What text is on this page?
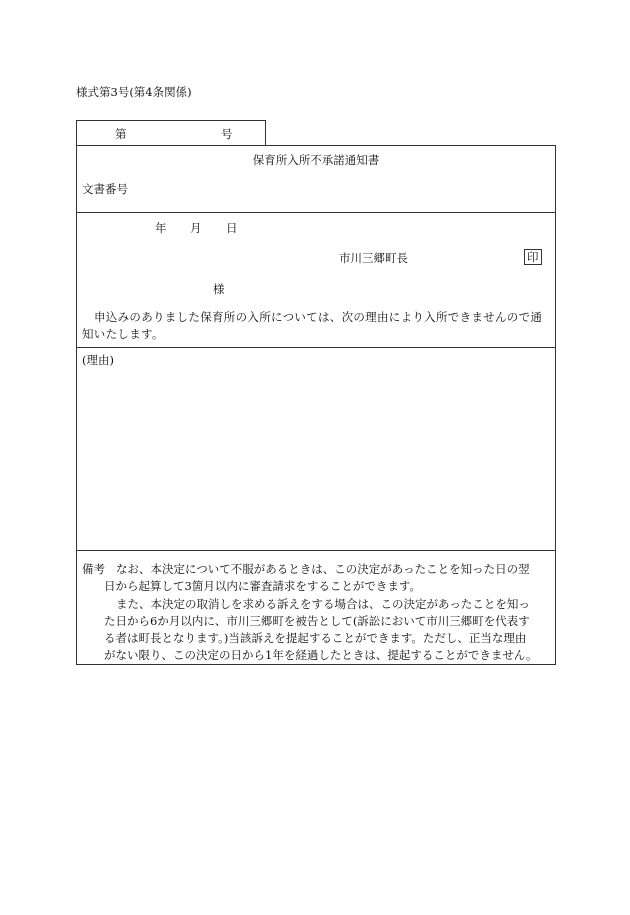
様式第3号(第4条関係)
第	号
保育所入所不承諾通知書
文書番号
年 月 日
市川三郷町長	印
様
申込みのありました保育所の入所については、次の理由により入所できませんので通知いたします。
(理由)
備考 なお、本決定について不服があるときは、この決定があったことを知った日の翌
日から起算して3箇月以内に審査請求をすることができます。
また、本決定の取消しを求める訴えをする場合は、この決定があったことを知っ
た日から6か月以内に、市川三郷町を被告として(訴訟において市川三郷町を代表す
る者は町長となります。)当該訴えを提起することができます。ただし、正当な理由
がない限り、この決定の日から1年を経過したときは、提起することができません。
